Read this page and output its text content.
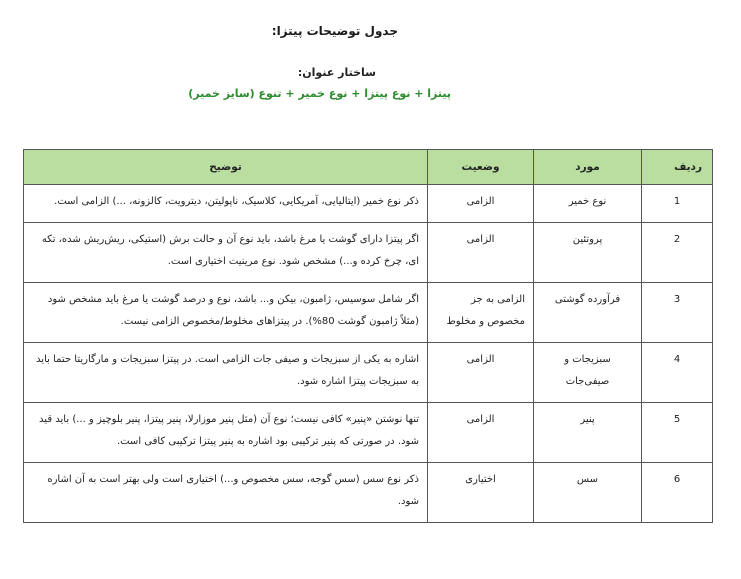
جدول توضیحات پیتزا:
ساختار عنوان:
پیتزا + نوع پیتزا + نوع خمیر + تنوع (سایز خمیر)
ردیف	مورد	وضعیت	توضیح
1	نوع خمیر	الزامی	ذکر نوع خمیر (ایتالیایی، آمریکایی، کلاسیک، ناپولیتن، دیترویت، کالزونه، ...) الزامی است.
2	پروتئین	الزامی	اگر پیتزا دارای گوشت یا مرغ باشد، باید نوع آن و حالت برش (استیکی، ریش‌ریش شده، تکه ای، چرخ کرده و...) مشخص شود. نوع مرینیت اختیاری است.
3	فرآورده گوشتی	الزامی به جز مخصوص و مخلوط	اگر شامل سوسیس، ژامبون، بیکن و... باشد، نوع و درصد گوشت یا مرغ باید مشخص شود (مثلاً ژامبون گوشت 80%). در پیتزاهای مخلوط/مخصوص الزامی نیست.
4	سبزیجات و صیفی‌جات	الزامی	اشاره به یکی از سبزیجات و صیفی جات الزامی است. در پیتزا سبزیجات و مارگاریتا حتما باید به سبزیجات پیتزا اشاره شود.
5	پنیر	الزامی	تنها نوشتن «پنیر» کافی نیست؛ نوع آن (مثل پنیر موزارلا، پنیر پیتزا، پنیر بلوچیز و ...) باید قید شود. در صورتی که پنیر ترکیبی بود اشاره به پنیر پیتزا ترکیبی کافی است.
6	سس	اختیاری	ذکر نوع سس (سس گوجه، سس مخصوص و...) اختیاری است ولی بهتر است به آن اشاره شود.
